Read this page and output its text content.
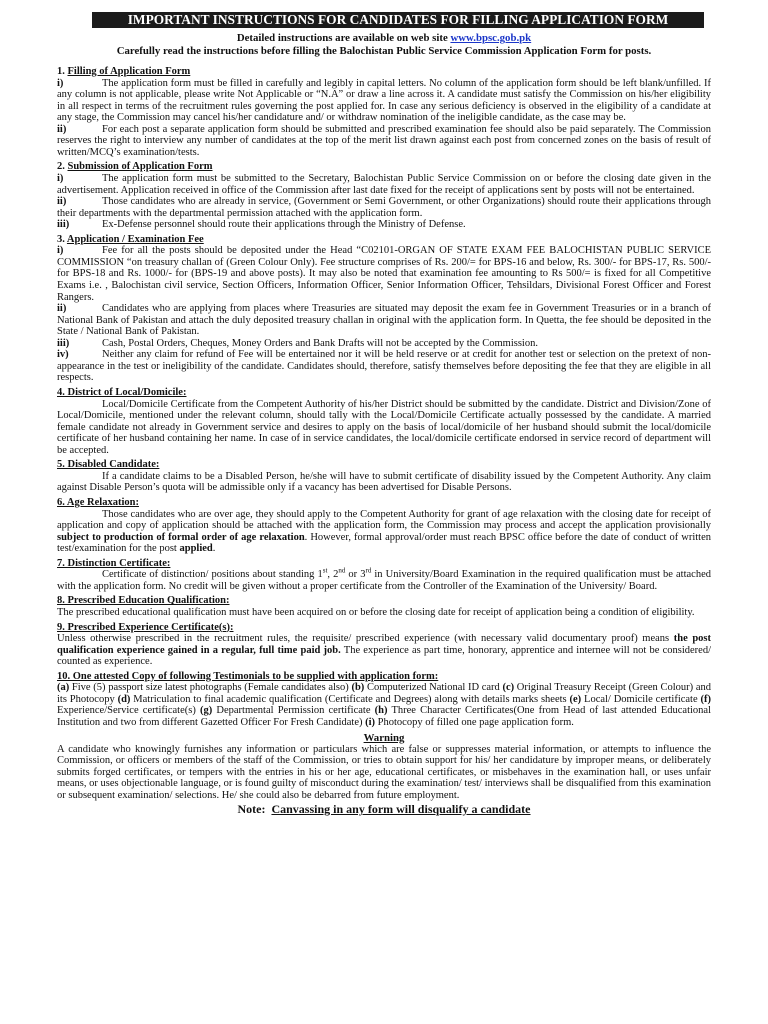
IMPORTANT INSTRUCTIONS FOR CANDIDATES FOR FILLING APPLICATION FORM
Detailed instructions are available on web site www.bpsc.gob.pk
Carefully read the instructions before filling the Balochistan Public Service Commission Application Form for posts.

1. Filling of Application Form

i)	The application form must be filled in carefully and legibly in capital letters. No column of the application form should be left blank/unfilled. If any column is not applicable, please write Not Applicable or “N.A” or draw a line across it. A candidate must satisfy the Commission on his/her eligibility in all respect in terms of the recruitment rules governing the post applied for. In case any serious deficiency is observed in the eligibility of a candidate at any stage, the Commission may cancel his/her candidature and/ or withdraw nomination of the ineligible candidate, as the case may be.

ii)	For each post a separate application form should be submitted and prescribed examination fee should also be paid separately. The Commission reserves the right to interview any number of candidates at the top of the merit list drawn against each post from concerned zones on the basis of result of written/MCQ’s examination/tests.

2. Submission of Application Form

i)	The application form must be submitted to the Secretary, Balochistan Public Service Commission on or before the closing date given in the advertisement. Application received in office of the Commission after last date fixed for the receipt of applications sent by posts will not be entertained.

ii)	Those candidates who are already in service, (Government or Semi Government, or other Organizations) should route their applications through their departments with the departmental permission attached with the application form.

iii)	Ex-Defense personnel should route their applications through the Ministry of Defense.

3. Application / Examination Fee

i)	Fee for all the posts should be deposited under the Head “C02101-ORGAN OF STATE EXAM FEE BALOCHISTAN PUBLIC SERVICE COMMISSION “on treasury challan of (Green Colour Only). Fee structure comprises of Rs. 200/= for BPS-16 and below, Rs. 300/- for BPS-17, Rs. 500/- for BPS-18 and Rs. 1000/- for (BPS-19 and above posts). It may also be noted that examination fee amounting to Rs 500/= is fixed for all Competitive Exams i.e. , Balochistan civil service, Section Officers, Information Officer, Senior Information Officer, Tehsildars, Divisional Forest Officer and Forest Rangers.

ii)	Candidates who are applying from places where Treasuries are situated may deposit the exam fee in Government Treasuries or in a branch of National Bank of Pakistan and attach the duly deposited treasury challan in original with the application form. In Quetta, the fee should be deposited in the State / National Bank of Pakistan.

iii)	Cash, Postal Orders, Cheques, Money Orders and Bank Drafts will not be accepted by the Commission.

iv)	Neither any claim for refund of Fee will be entertained nor it will be held reserve or at credit for another test or selection on the pretext of non-appearance in the test or ineligibility of the candidate. Candidates should, therefore, satisfy themselves before depositing the fee that they are eligible in all respects.

4. District of Local/Domicile:

Local/Domicile Certificate from the Competent Authority of his/her District should be submitted by the candidate. District and Division/Zone of Local/Domicile, mentioned under the relevant column, should tally with the Local/Domicile Certificate actually possessed by the candidate. A married female candidate not already in Government service and desires to apply on the basis of local/domicile of her husband should submit the local/domicile certificate of her husband containing her name. In case of in service candidates, the local/domicile certificate endorsed in service record of department will be accepted.

5. Disabled Candidate:

If a candidate claims to be a Disabled Person, he/she will have to submit certificate of disability issued by the Competent Authority. Any claim against Disable Person’s quota will be admissible only if a vacancy has been advertised for Disable Persons.

6. Age Relaxation:

Those candidates who are over age, they should apply to the Competent Authority for grant of age relaxation with the closing date for receipt of application and copy of application should be attached with the application form, the Commission may process and accept the application provisionally subject to production of formal order of age relaxation. However, formal approval/order must reach BPSC office before the date of conduct of written test/examination for the post applied.

7. Distinction Certificate:

Certificate of distinction/ positions about standing 1st, 2nd or 3rd in University/Board Examination in the required qualification must be attached with the application form. No credit will be given without a proper certificate from the Controller of the Examination of the University/ Board.

8. Prescribed Education Qualification:

The prescribed educational qualification must have been acquired on or before the closing date for receipt of application being a condition of eligibility.

9. Prescribed Experience Certificate(s):

Unless otherwise prescribed in the recruitment rules, the requisite/ prescribed experience (with necessary valid documentary proof) means the post qualification experience gained in a regular, full time paid job. The experience as part time, honorary, apprentice and internee will not be considered/ counted as experience.

10. One attested Copy of following Testimonials to be supplied with application form:

(a) Five (5) passport size latest photographs (Female candidates also) (b) Computerized National ID card (c) Original Treasury Receipt (Green Colour) and its Photocopy (d) Matriculation to final academic qualification (Certificate and Degrees) along with details marks sheets (e) Local/ Domicile certificate (f) Experience/Service certificate(s) (g) Departmental Permission certificate (h) Three Character Certificates(One from Head of last attended Educational Institution and two from different Gazetted Officer For Fresh Candidate) (i) Photocopy of filled one page application form.

Warning

A candidate who knowingly furnishes any information or particulars which are false or suppresses material information, or attempts to influence the Commission, or officers or members of the staff of the Commission, or tries to obtain support for his/ her candidature by improper means, or deliberately submits forged certificates, or tempers with the entries in his or her age, educational certificates, or misbehaves in the examination hall, or uses unfair means, or uses objectionable language, or is found guilty of misconduct during the examination/ test/ interviews shall be disqualified from this examination or subsequent examination/ selections. He/ she could also be debarred from future employment.

Note: Canvassing in any form will disqualify a candidate
